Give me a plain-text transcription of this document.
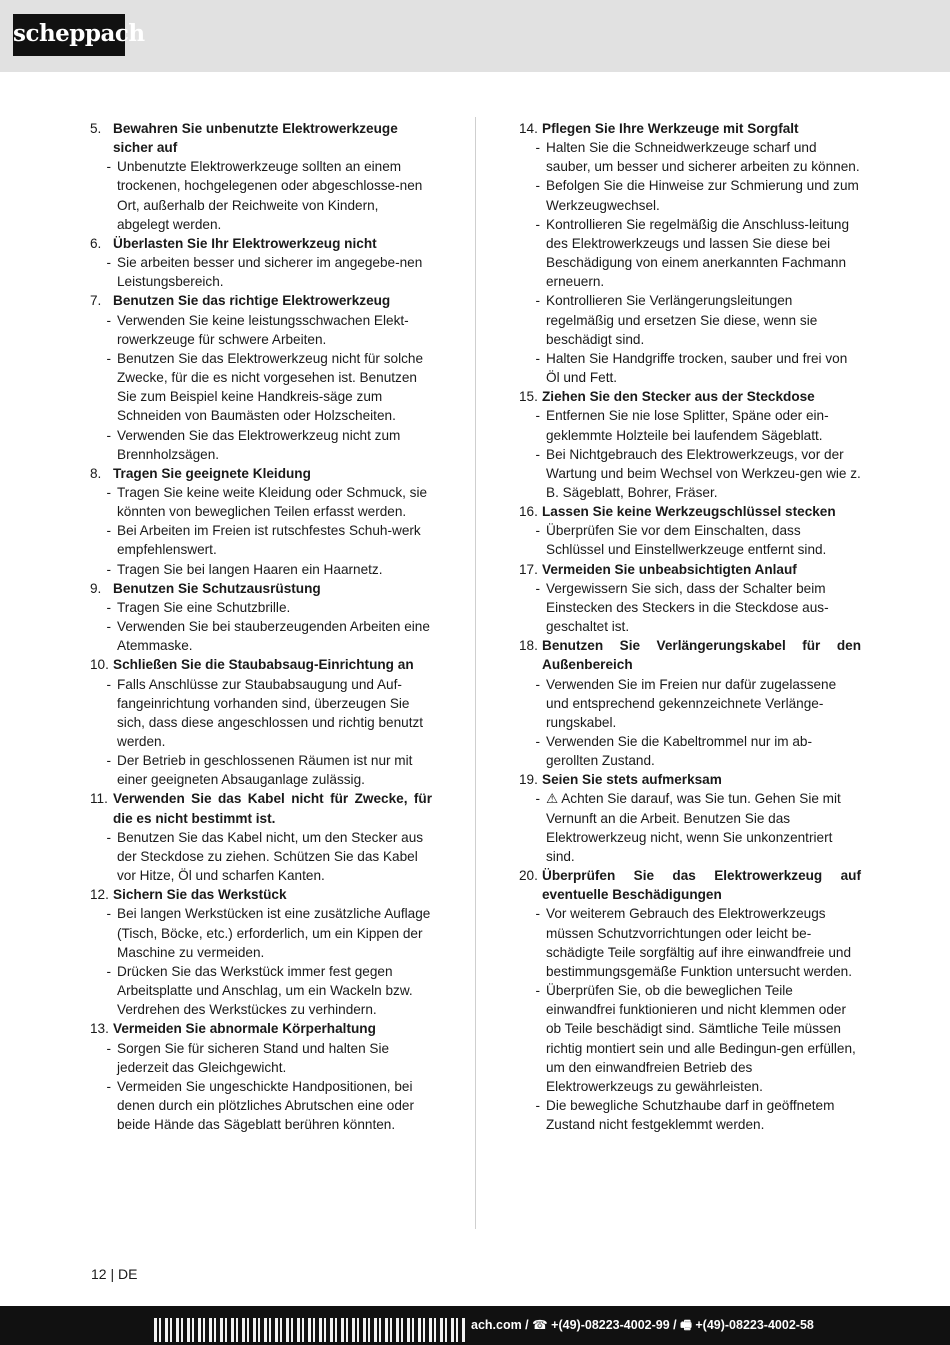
scheppach
5. Bewahren Sie unbenutzte Elektrowerkzeuge sicher auf
- Unbenutzte Elektrowerkzeuge sollten an einem trockenen, hochgelegenen oder abgeschlosse-nen Ort, außerhalb der Reichweite von Kindern, abgelegt werden.
6. Überlasten Sie Ihr Elektrowerkzeug nicht
- Sie arbeiten besser und sicherer im angegebe-nen Leistungsbereich.
7. Benutzen Sie das richtige Elektrowerkzeug
- Verwenden Sie keine leistungsschwachen Elekt-rowerkzeuge für schwere Arbeiten.
- Benutzen Sie das Elektrowerkzeug nicht für solche Zwecke, für die es nicht vorgesehen ist. Benutzen Sie zum Beispiel keine Handkreis-säge zum Schneiden von Baumästen oder Holzscheiten.
- Verwenden Sie das Elektrowerkzeug nicht zum Brennholzsägen.
8. Tragen Sie geeignete Kleidung
- Tragen Sie keine weite Kleidung oder Schmuck, sie könnten von beweglichen Teilen erfasst werden.
- Bei Arbeiten im Freien ist rutschfestes Schuh-werk empfehlenswert.
- Tragen Sie bei langen Haaren ein Haarnetz.
9. Benutzen Sie Schutzausrüstung
- Tragen Sie eine Schutzbrille.
- Verwenden Sie bei stauberzeugenden Arbeiten eine Atemmaske.
10. Schließen Sie die Staubabsaug-Einrichtung an
- Falls Anschlüsse zur Staubabsaugung und Auf-fangeinrichtung vorhanden sind, überzeugen Sie sich, dass diese angeschlossen und richtig benutzt werden.
- Der Betrieb in geschlossenen Räumen ist nur mit einer geeigneten Absauganlage zulässig.
11. Verwenden Sie das Kabel nicht für Zwecke, für die es nicht bestimmt ist.
- Benutzen Sie das Kabel nicht, um den Stecker aus der Steckdose zu ziehen. Schützen Sie das Kabel vor Hitze, Öl und scharfen Kanten.
12. Sichern Sie das Werkstück
- Bei langen Werkstücken ist eine zusätzliche Auflage (Tisch, Böcke, etc.) erforderlich, um ein Kippen der Maschine zu vermeiden.
- Drücken Sie das Werkstück immer fest gegen Arbeitsplatte und Anschlag, um ein Wackeln bzw. Verdrehen des Werkstückes zu verhindern.
13. Vermeiden Sie abnormale Körperhaltung
- Sorgen Sie für sicheren Stand und halten Sie jederzeit das Gleichgewicht.
- Vermeiden Sie ungeschickte Handpositionen, bei denen durch ein plötzliches Abrutschen eine oder beide Hände das Sägeblatt berühren könnten.
14. Pflegen Sie Ihre Werkzeuge mit Sorgfalt
- Halten Sie die Schneidwerkzeuge scharf und sauber, um besser und sicherer arbeiten zu können.
- Befolgen Sie die Hinweise zur Schmierung und zum Werkzeugwechsel.
- Kontrollieren Sie regelmäßig die Anschluss-leitung des Elektrowerkzeugs und lassen Sie diese bei Beschädigung von einem anerkannten Fachmann erneuern.
- Kontrollieren Sie Verlängerungsleitungen regelmäßig und ersetzen Sie diese, wenn sie beschädigt sind.
- Halten Sie Handgriffe trocken, sauber und frei von Öl und Fett.
15. Ziehen Sie den Stecker aus der Steckdose
- Entfernen Sie nie lose Splitter, Späne oder ein-geklemmte Holzteile bei laufendem Sägeblatt.
- Bei Nichtgebrauch des Elektrowerkzeugs, vor der Wartung und beim Wechsel von Werkzeu-gen wie z. B. Sägeblatt, Bohrer, Fräser.
16. Lassen Sie keine Werkzeugschlüssel stecken
- Überprüfen Sie vor dem Einschalten, dass Schlüssel und Einstellwerkzeuge entfernt sind.
17. Vermeiden Sie unbeabsichtigten Anlauf
- Vergewissern Sie sich, dass der Schalter beim Einstecken des Steckers in die Steckdose aus-geschaltet ist.
18. Benutzen Sie Verlängerungskabel für den Außenbereich
- Verwenden Sie im Freien nur dafür zugelassene und entsprechend gekennzeichnete Verlänge-rungskabel.
- Verwenden Sie die Kabeltrommel nur im ab-gerollten Zustand.
19. Seien Sie stets aufmerksam
- ⚠ Achten Sie darauf, was Sie tun. Gehen Sie mit Vernunft an die Arbeit. Benutzen Sie das Elektrowerkzeug nicht, wenn Sie unkonzentriert sind.
20. Überprüfen Sie das Elektrowerkzeug auf eventuelle Beschädigungen
- Vor weiterem Gebrauch des Elektrowerkzeugs müssen Schutzvorrichtungen oder leicht be-schädigte Teile sorgfältig auf ihre einwandfreie und bestimmungsgemäße Funktion untersucht werden.
- Überprüfen Sie, ob die beweglichen Teile einwandfrei funktionieren und nicht klemmen oder ob Teile beschädigt sind. Sämtliche Teile müssen richtig montiert sein und alle Bedingun-gen erfüllen, um den einwandfreien Betrieb des Elektrowerkzeugs zu gewährleisten.
- Die bewegliche Schutzhaube darf in geöffnetem Zustand nicht festgeklemmt werden.
12 | DE
ach.com / ☎ +(49)-08223-4002-99 / 🖷 +(49)-08223-4002-58
